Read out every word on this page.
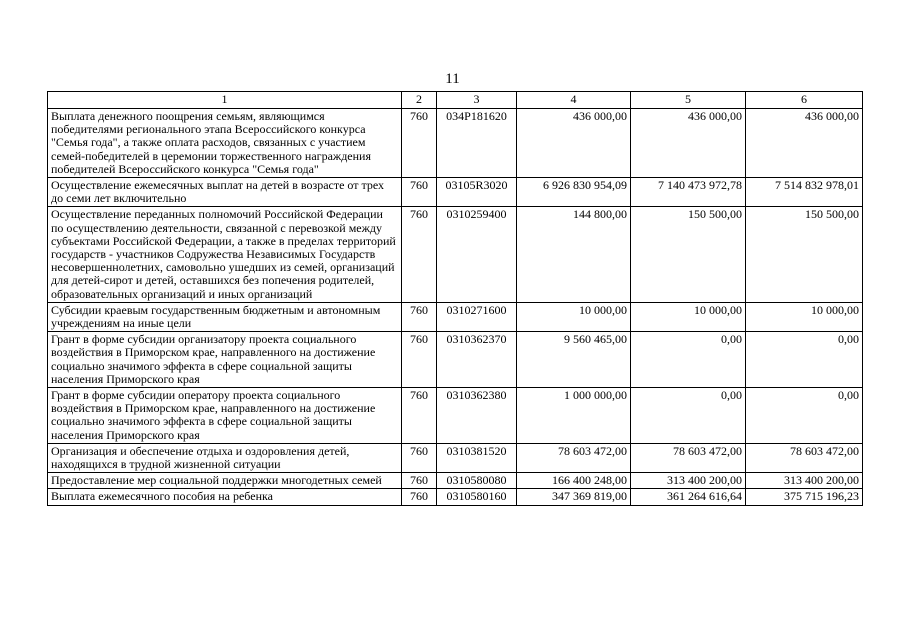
11
1	2	3	4	5	6
Выплата денежного поощрения семьям, являющимся победителями регионального этапа Всероссийского конкурса "Семья года", а также оплата расходов, связанных с участием семей-победителей в церемонии торжественного награждения победителей Всероссийского конкурса "Семья года"	760	034P181620	436 000,00	436 000,00	436 000,00
Осуществление ежемесячных выплат на детей в возрасте от трех до семи лет включительно	760	03105R3020	6 926 830 954,09	7 140 473 972,78	7 514 832 978,01
Осуществление переданных полномочий Российской Федерации по осуществлению деятельности, связанной с перевозкой между субъектами Российской Федерации, а также в пределах территорий государств - участников Содружества Независимых Государств несовершеннолетних, самовольно ушедших из семей, организаций для детей-сирот и детей, оставшихся без попечения родителей, образовательных организаций и иных организаций	760	0310259400	144 800,00	150 500,00	150 500,00
Субсидии краевым государственным бюджетным и автономным учреждениям на иные цели	760	0310271600	10 000,00	10 000,00	10 000,00
Грант в форме субсидии организатору проекта социального воздействия в Приморском крае, направленного на достижение социально значимого эффекта в сфере социальной защиты населения Приморского края	760	0310362370	9 560 465,00	0,00	0,00
Грант в форме субсидии оператору проекта социального воздействия в Приморском крае, направленного на достижение социально значимого эффекта в сфере социальной защиты населения Приморского края	760	0310362380	1 000 000,00	0,00	0,00
Организация и обеспечение отдыха и оздоровления детей, находящихся в трудной жизненной ситуации	760	0310381520	78 603 472,00	78 603 472,00	78 603 472,00
Предоставление мер социальной поддержки многодетных семей	760	0310580080	166 400 248,00	313 400 200,00	313 400 200,00
Выплата ежемесячного пособия на ребенка	760	0310580160	347 369 819,00	361 264 616,64	375 715 196,23
